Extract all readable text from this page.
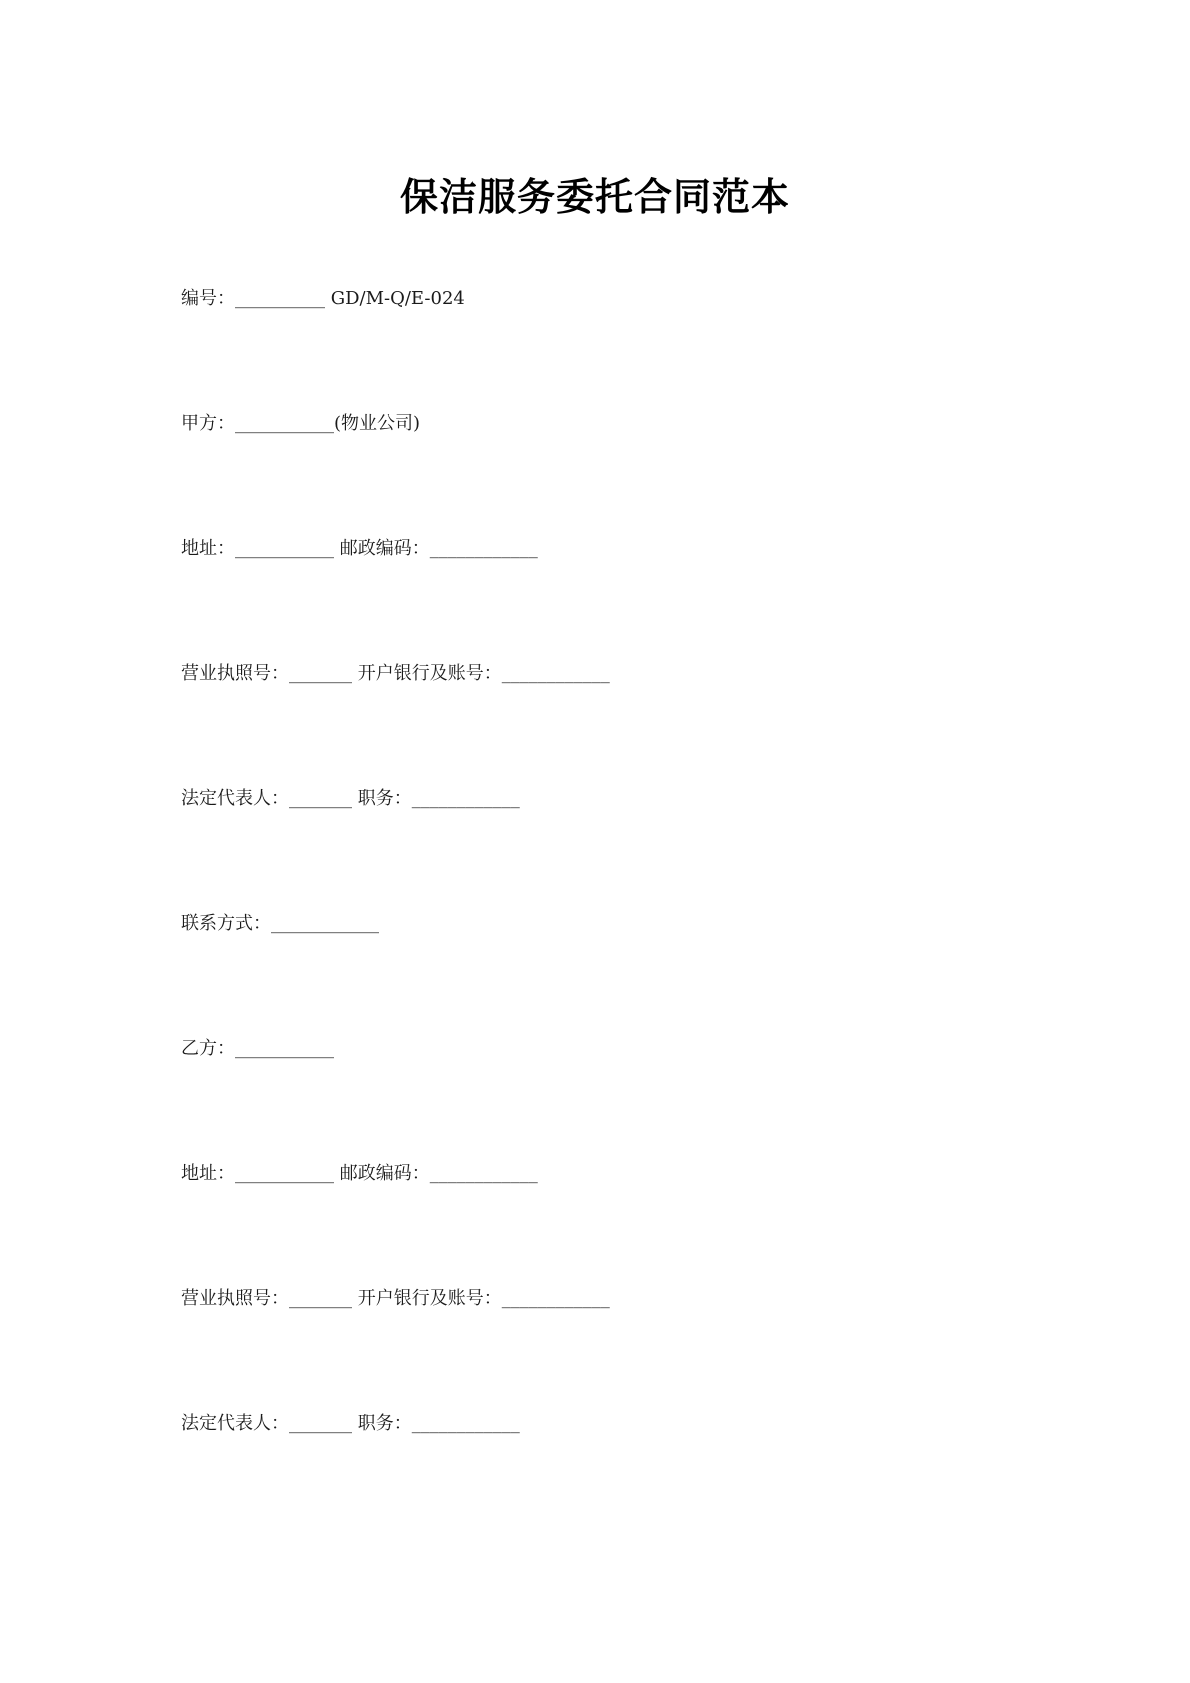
保洁服务委托合同范本
编号：__________ GD/M-Q/E-024
甲方：___________(物业公司)
地址：___________ 邮政编码：____________
营业执照号：_______ 开户银行及账号：____________
法定代表人：_______ 职务：____________
联系方式：____________
乙方：___________
地址：___________ 邮政编码：____________
营业执照号：_______ 开户银行及账号：____________
法定代表人：_______ 职务：____________
